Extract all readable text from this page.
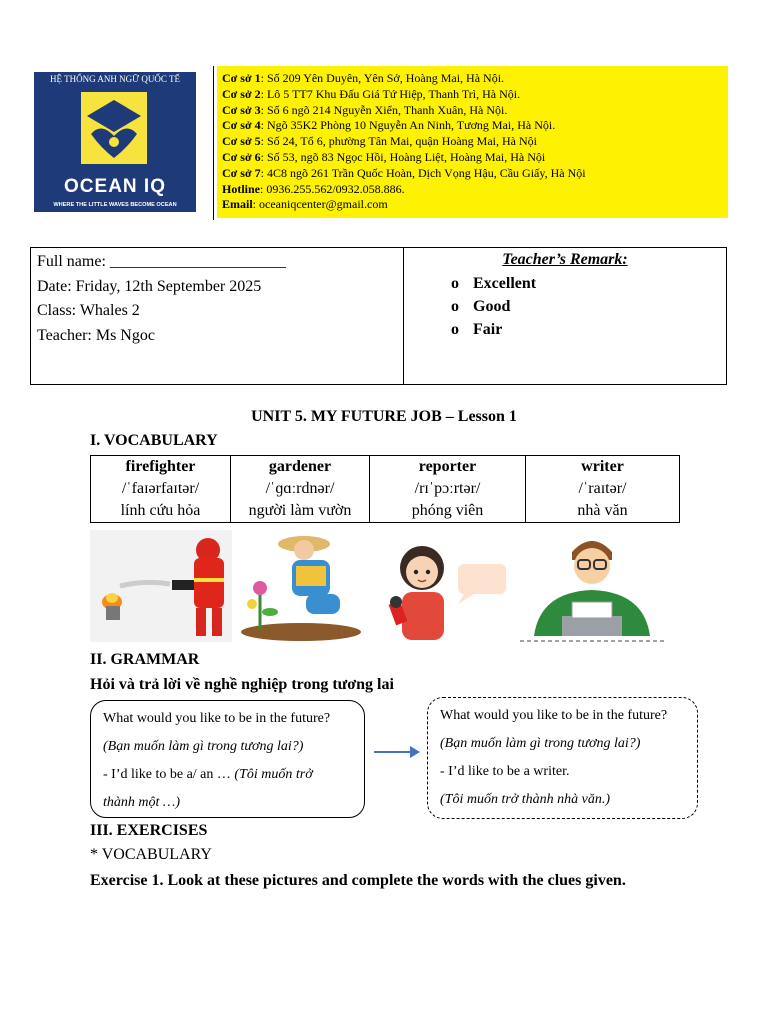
HỆ THỐNG ANH NGỮ QUỐC TẾ
OCEAN IQ
WHERE THE LITTLE WAVES BECOME OCEAN
Cơ sở 1: Số 209 Yên Duyên, Yên Sở, Hoàng Mai, Hà Nội.
Cơ sở 2: Lô 5 TT7 Khu Đấu Giá Tứ Hiệp, Thanh Trì, Hà Nội.
Cơ sở 3: Số 6 ngõ 214 Nguyễn Xiển, Thanh Xuân, Hà Nội.
Cơ sở 4: Ngõ 35K2 Phòng 10 Nguyễn An Ninh, Tương Mai, Hà Nội.
Cơ sở 5: Số 24, Tổ 6, phường Tân Mai, quận Hoàng Mai, Hà Nội
Cơ sở 6: Số 53, ngõ 83 Ngọc Hồi, Hoàng Liệt, Hoàng Mai, Hà Nội
Cơ sở 7: 4C8 ngõ 261 Trần Quốc Hoàn, Dịch Vọng Hậu, Cầu Giấy, Hà Nội
Hotline: 0936.255.562/0932.058.886.
Email: oceaniqcenter@gmail.com
Full name: ______________________
Date: Friday, 12th September 2025
Class: Whales 2
Teacher: Ms Ngoc
Teacher’s Remark:
o Excellent
o Good
o Fair
UNIT 5. MY FUTURE JOB – Lesson 1
I. VOCABULARY
firefighter	gardener	reporter	writer
/ˈfaɪərfaɪtər/	/ˈɡɑːrdnər/	/rɪˈpɔːrtər/	/ˈraɪtər/
lính cứu hỏa	người làm vườn	phóng viên	nhà văn
II. GRAMMAR
Hỏi và trả lời về nghề nghiệp trong tương lai
What would you like to be in the future?
(Bạn muốn làm gì trong tương lai?)
- I’d like to be a/ an … (Tôi muốn trở
thành một …)
What would you like to be in the future?
(Bạn muốn làm gì trong tương lai?)
- I’d like to be a writer.
(Tôi muốn trở thành nhà văn.)
III. EXERCISES
* VOCABULARY
Exercise 1. Look at these pictures and complete the words with the clues given.
